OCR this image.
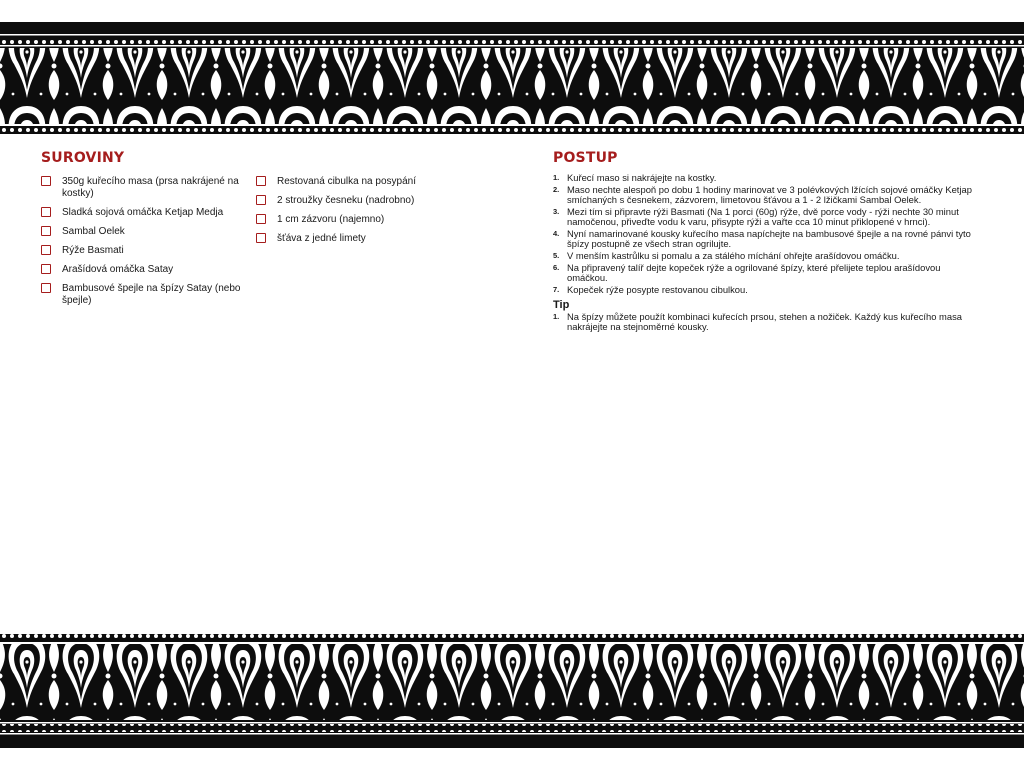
SUROVINY
350g kuřecího masa (prsa nakrájené na kostky)
Sladká sojová omáčka Ketjap Medja
Sambal Oelek
Rýže Basmati
Arašídová omáčka Satay
Bambusové špejle na špízy Satay (nebo špejle)
Restovaná cibulka na posypání
2 stroužky česneku (nadrobno)
1 cm zázvoru (najemno)
šťáva z jedné limety
POSTUP
1. Kuřecí maso si nakrájejte na kostky.
2. Maso nechte alespoň po dobu 1 hodiny marinovat ve 3 polévkových lžících sojové omáčky Ketjap smíchaných s česnekem, zázvorem, limetovou šťávou a 1 - 2 lžičkami Sambal Oelek.
3. Mezi tím si připravte rýži Basmati (Na 1 porci (60g) rýže, dvě porce vody - rýži nechte 30 minut namočenou, přiveďte vodu k varu, přisypte rýži a vařte cca 10 minut přiklopené v hrnci).
4. Nyní namarinované kousky kuřecího masa napíchejte na bambusové špejle a na rovné pánvi tyto špízy postupně ze všech stran ogrilujte.
5. V menším kastrůlku si pomalu a za stálého míchání ohřejte arašídovou omáčku.
6. Na připravený talíř dejte kopeček rýže a ogrilované špízy, které přelijete teplou arašídovou omáčkou.
7. Kopeček rýže posypte restovanou cibulkou.
Tip
1. Na špízy můžete použít kombinaci kuřecích prsou, stehen a nožiček. Každý kus kuřecího masa nakrájejte na stejnoměrné kousky.
